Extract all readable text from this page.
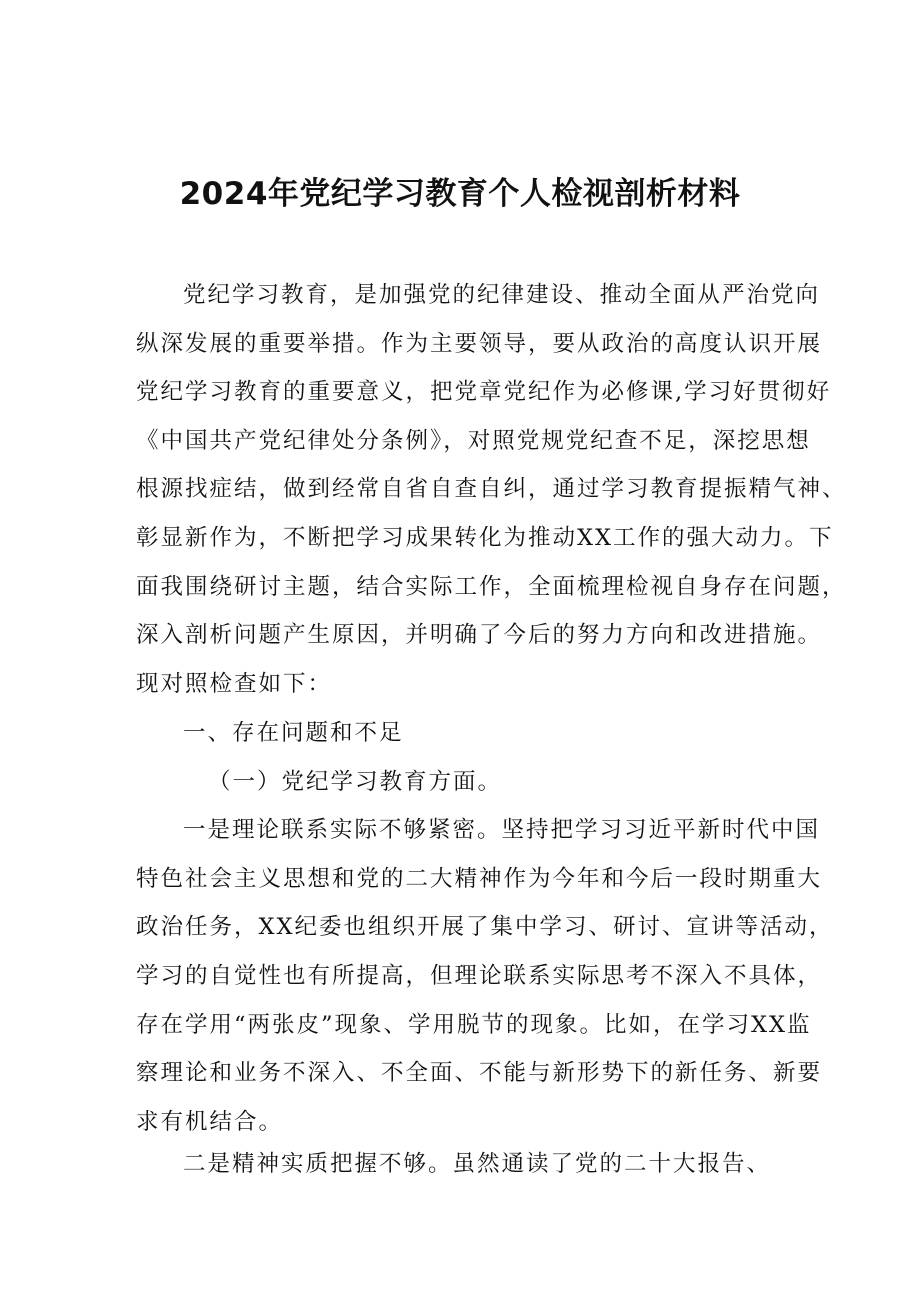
2024年党纪学习教育个人检视剖析材料
党纪学习教育，是加强党的纪律建设、推动全面从严治党向
纵深发展的重要举措。作为主要领导，要从政治的高度认识开展
党纪学习教育的重要意义，把党章党纪作为必修课,学习好贯彻好
《中国共产党纪律处分条例》，对照党规党纪查不足，深挖思想
根源找症结，做到经常自省自查自纠，通过学习教育提振精气神、
彰显新作为，不断把学习成果转化为推动XX工作的强大动力。下
面我围绕研讨主题，结合实际工作，全面梳理检视自身存在问题，
深入剖析问题产生原因，并明确了今后的努力方向和改进措施。
现对照检查如下：
一、存在问题和不足
（一）党纪学习教育方面。
一是理论联系实际不够紧密。坚持把学习习近平新时代中国
特色社会主义思想和党的二大精神作为今年和今后一段时期重大
政治任务，XX纪委也组织开展了集中学习、研讨、宣讲等活动，
学习的自觉性也有所提高，但理论联系实际思考不深入不具体，
存在学用“两张皮”现象、学用脱节的现象。比如，在学习XX监
察理论和业务不深入、不全面、不能与新形势下的新任务、新要
求有机结合。
二是精神实质把握不够。虽然通读了党的二十大报告、
